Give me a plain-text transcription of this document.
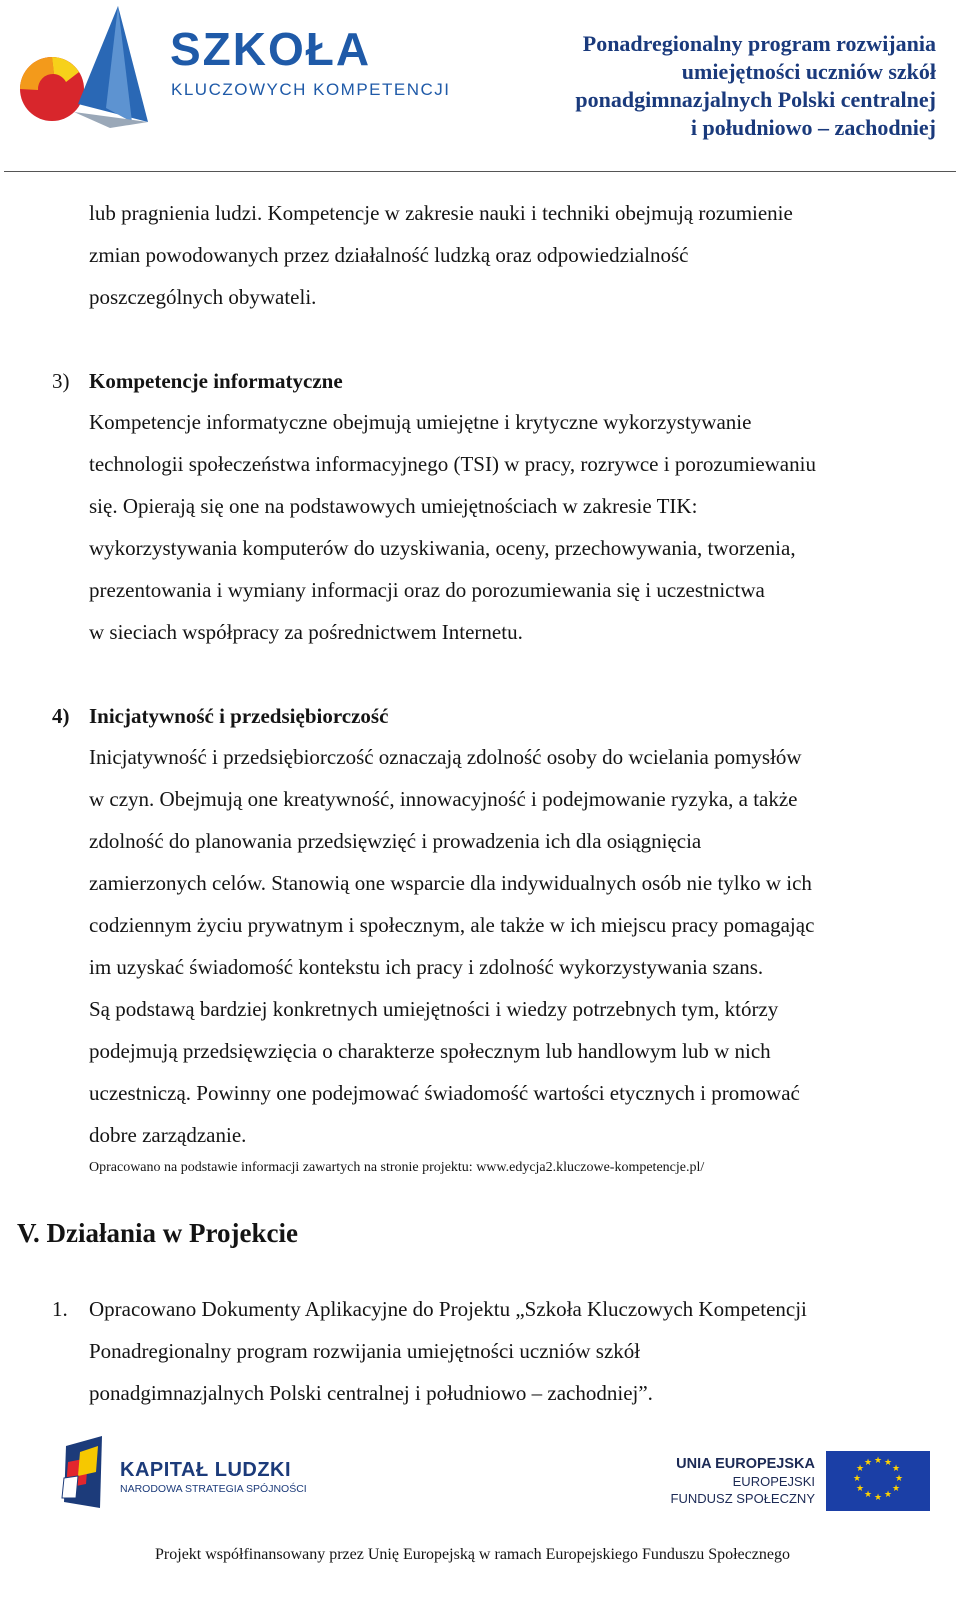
SZKOŁA
KLUCZOWYCH KOMPETENCJI
Ponadregionalny program rozwijania
umiejętności uczniów szkół
ponadgimnazjalnych Polski centralnej
i południowo – zachodniej
lub pragnienia ludzi. Kompetencje w zakresie nauki i techniki obejmują rozumienie
zmian powodowanych przez działalność ludzką oraz odpowiedzialność
poszczególnych obywateli.
3) Kompetencje informatyczne
Kompetencje informatyczne obejmują umiejętne i krytyczne wykorzystywanie
technologii społeczeństwa informacyjnego (TSI) w pracy, rozrywce i porozumiewaniu
się. Opierają się one na podstawowych umiejętnościach w zakresie TIK:
wykorzystywania komputerów do uzyskiwania, oceny, przechowywania, tworzenia,
prezentowania i wymiany informacji oraz do porozumiewania się i uczestnictwa
w sieciach współpracy za pośrednictwem Internetu.
4) Inicjatywność i przedsiębiorczość
Inicjatywność i przedsiębiorczość oznaczają zdolność osoby do wcielania pomysłów
w czyn. Obejmują one kreatywność, innowacyjność i podejmowanie ryzyka, a także
zdolność do planowania przedsięwzięć i prowadzenia ich dla osiągnięcia
zamierzonych celów. Stanowią one wsparcie dla indywidualnych osób nie tylko w ich
codziennym życiu prywatnym i społecznym, ale także w ich miejscu pracy pomagając
im uzyskać świadomość kontekstu ich pracy i zdolność wykorzystywania szans.
Są podstawą bardziej konkretnych umiejętności i wiedzy potrzebnych tym, którzy
podejmują przedsięwzięcia o charakterze społecznym lub handlowym lub w nich
uczestniczą. Powinny one podejmować świadomość wartości etycznych i promować
dobre zarządzanie.
Opracowano na podstawie informacji zawartych na stronie projektu: www.edycja2.kluczowe-kompetencje.pl/
V. Działania w Projekcie
1. Opracowano Dokumenty Aplikacyjne do Projektu „Szkoła Kluczowych Kompetencji
Ponadregionalny program rozwijania umiejętności uczniów szkół
ponadgimnazjalnych Polski centralnej i południowo – zachodniej”.
KAPITAŁ LUDZKI
NARODOWA STRATEGIA SPÓJNOŚCI
UNIA EUROPEJSKA
EUROPEJSKI
FUNDUSZ SPOŁECZNY
★ ★
★
★
★
★
★
★
★
★
★
★
Projekt współfinansowany przez Unię Europejską w ramach Europejskiego Funduszu Społecznego
